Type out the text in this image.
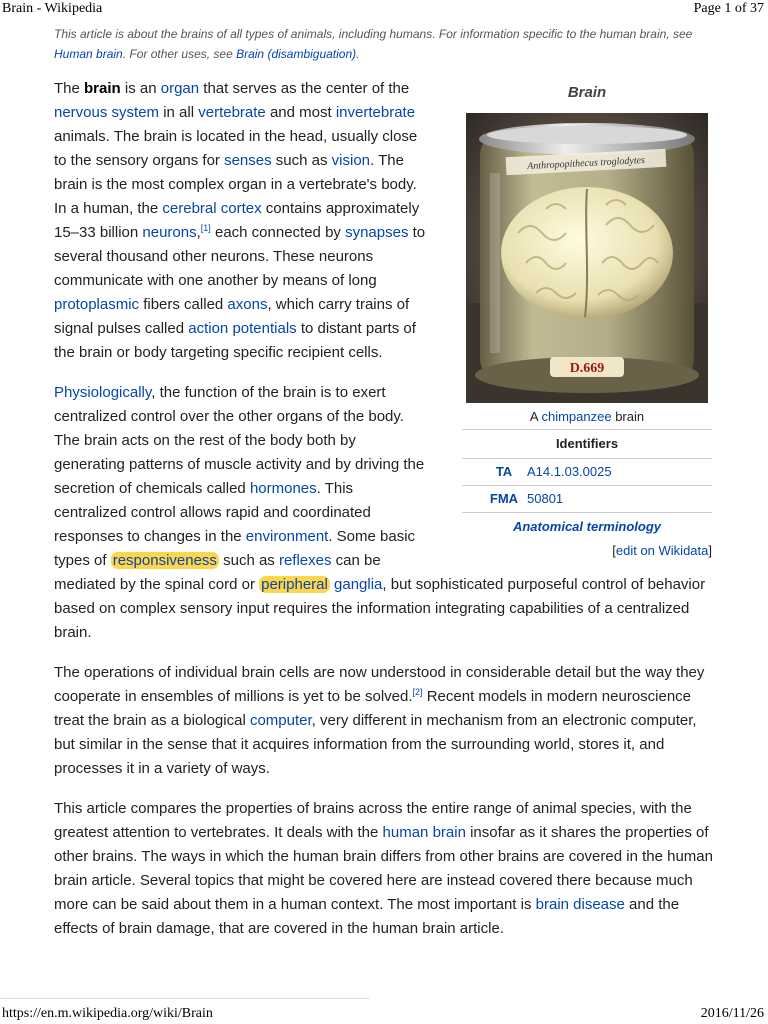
Brain - Wikipedia	Page 1 of 37
This article is about the brains of all types of animals, including humans. For information specific to the human brain, see Human brain. For other uses, see Brain (disambiguation).
Brain
Anthropopithecus troglodytes
D.669
A chimpanzee brain
Identifiers
TA	A14.1.03.0025
FMA 50801
Anatomical terminology
[edit on Wikidata]

The brain is an organ that serves as the center of the nervous system in all vertebrate and most invertebrate animals. The brain is located in the head, usually close to the sensory organs for senses such as vision. The brain is the most complex organ in a vertebrate's body. In a human, the cerebral cortex contains approximately 15–33 billion neurons,[1] each connected by synapses to several thousand other neurons. These neurons communicate with one another by means of long protoplasmic fibers called axons, which carry trains of signal pulses called action potentials to distant parts of the brain or body targeting specific recipient cells.

Physiologically, the function of the brain is to exert centralized control over the other organs of the body. The brain acts on the rest of the body both by generating patterns of muscle activity and by driving the secretion of chemicals called hormones. This centralized control allows rapid and coordinated responses to changes in the environment. Some basic types of responsiveness such as reflexes can be mediated by the spinal cord or peripheral ganglia, but sophisticated purposeful control of behavior based on complex sensory input requires the information integrating capabilities of a centralized brain.

The operations of individual brain cells are now understood in considerable detail but the way they cooperate in ensembles of millions is yet to be solved.[2] Recent models in modern neuroscience treat the brain as a biological computer, very different in mechanism from an electronic computer, but similar in the sense that it acquires information from the surrounding world, stores it, and processes it in a variety of ways.

This article compares the properties of brains across the entire range of animal species, with the greatest attention to vertebrates. It deals with the human brain insofar as it shares the properties of other brains. The ways in which the human brain differs from other brains are covered in the human brain article. Several topics that might be covered here are instead covered there because much more can be said about them in a human context. The most important is brain disease and the effects of brain damage, that are covered in the human brain article.

https://en.m.wikipedia.org/wiki/Brain	2016/11/26
